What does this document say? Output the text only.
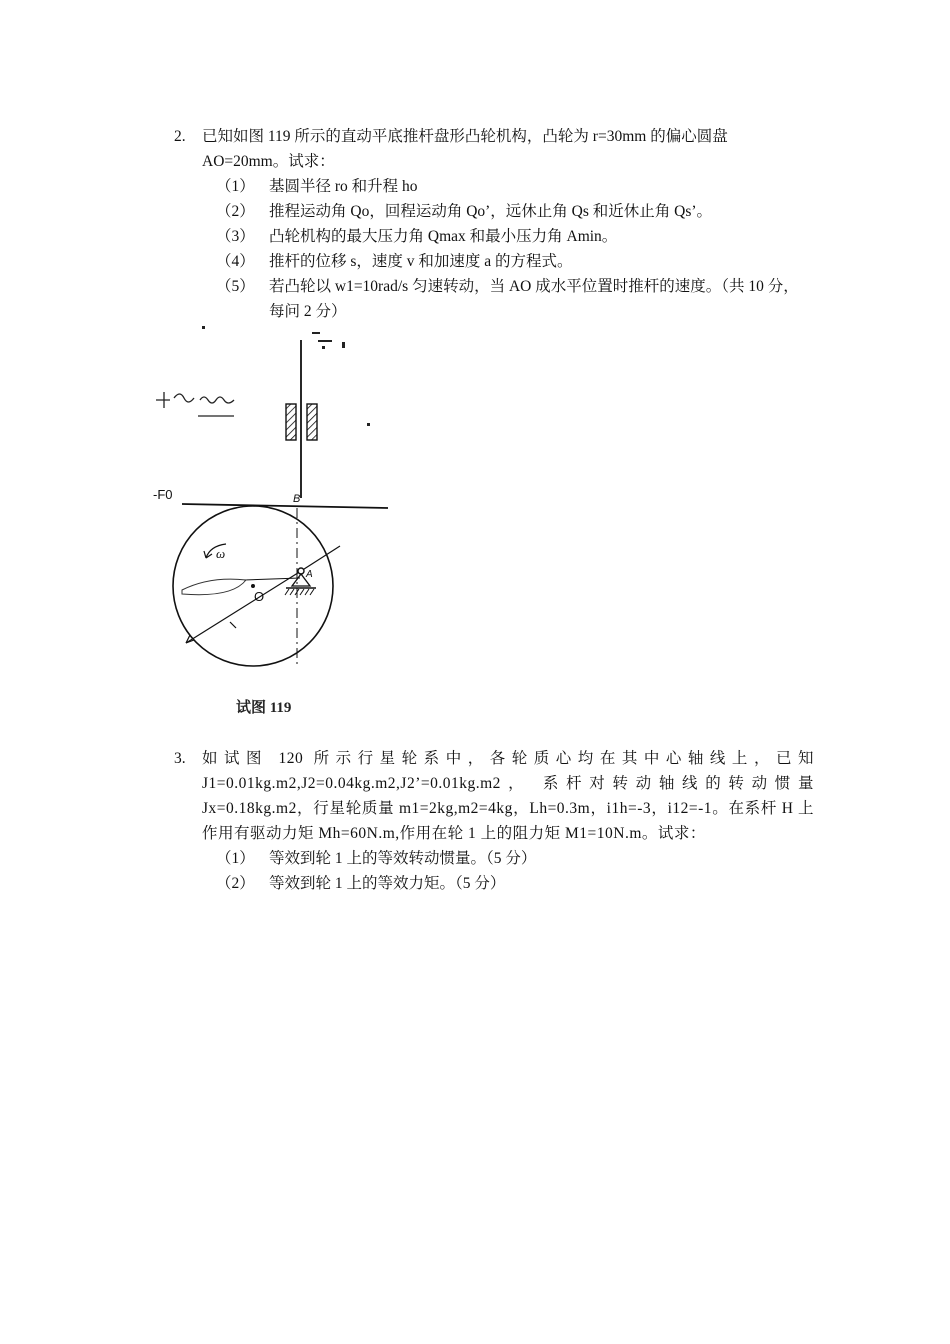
2. 已知如图 119 所示的直动平底推杆盘形凸轮机构，凸轮为 r=30mm 的偏心圆盘 AO=20mm。试求：
（1） 基圆半径 ro 和升程 ho
（2） 推程运动角 Qo，回程运动角 Qo’，远休止角 Qs 和近休止角 Qs’。
（3） 凸轮机构的最大压力角 Qmax 和最小压力角 Amin。
（4） 推杆的位移 s，速度 v 和加速度 a 的方程式。
（5） 若凸轮以 w1=10rad/s 匀速转动，当 AO 成水平位置时推杆的速度。（共 10 分，每问 2 分）
-F0	B
A
O
ω
试图 119
3. 如试图 120 所示行星轮系中，各轮质心均在其中心轴线上，已知 J1=0.01kg.m2,J2=0.04kg.m2,J2’=0.01kg.m2， 系杆对转动轴线的转动惯量 Jx=0.18kg.m2，行星轮质量 m1=2kg,m2=4kg，Lh=0.3m，i1h=-3，i12=-1。在系杆 H 上作用有驱动力矩 Mh=60N.m,作用在轮 1 上的阻力矩 M1=10N.m。试求：
（1） 等效到轮 1 上的等效转动惯量。（5 分）
（2） 等效到轮 1 上的等效力矩。（5 分）
